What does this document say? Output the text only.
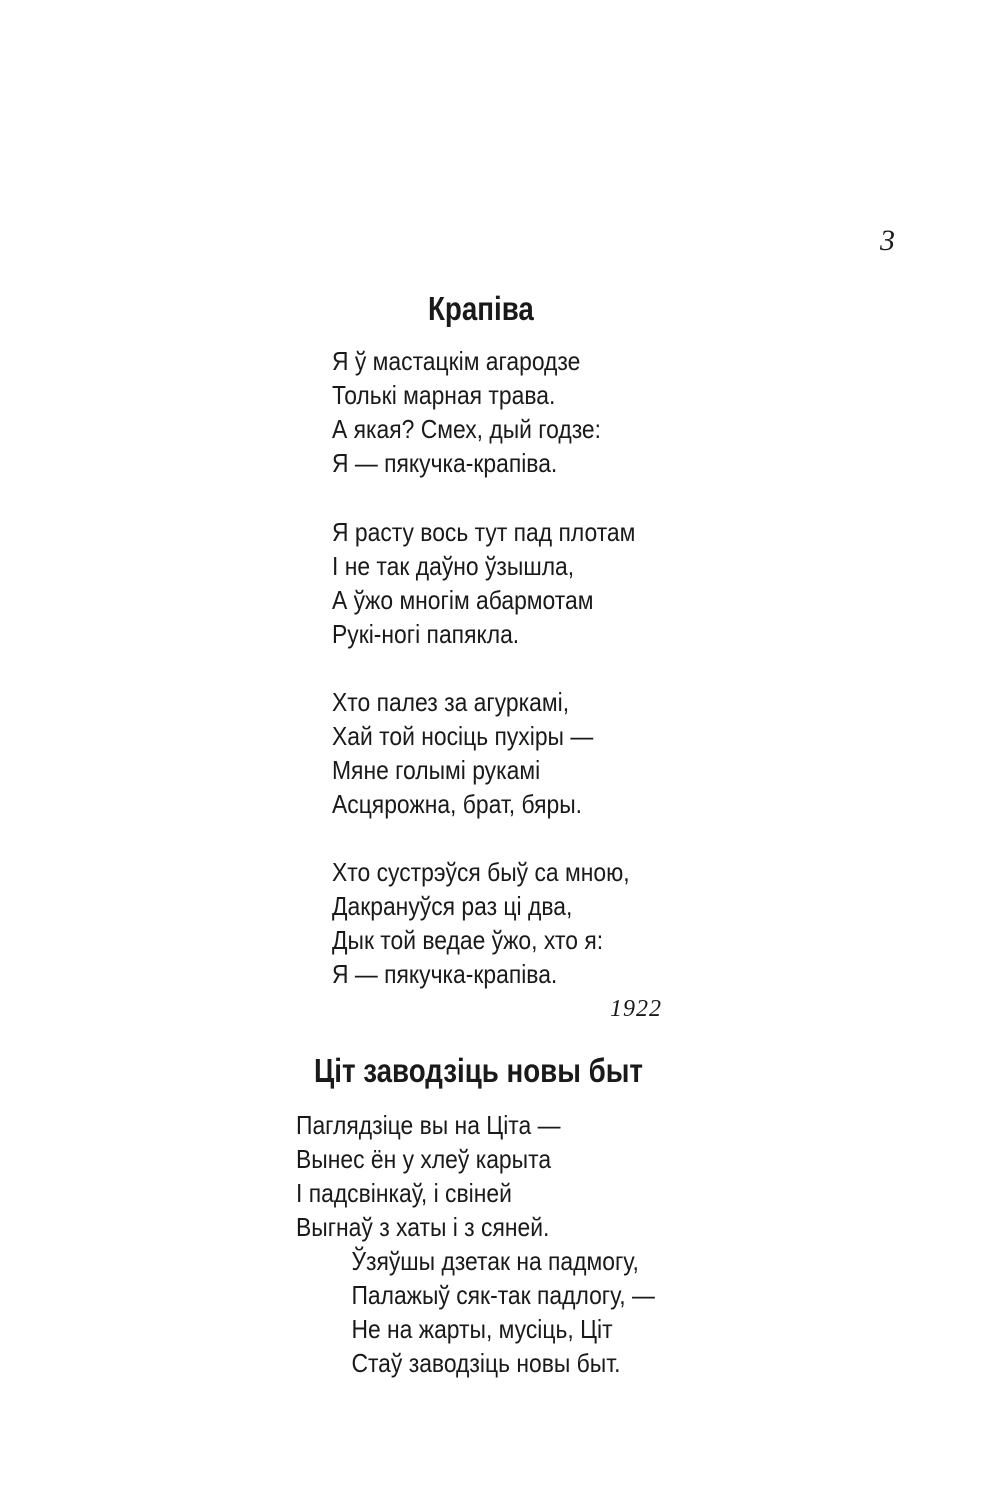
3
Крапіва
Я ў мастацкім агародзе
Толькі марная трава.
А якая? Смех, дый годзе:
Я — пякучка-крапіва.
Я расту вось тут пад плотам
І не так даўно ўзышла,
А ўжо многім абармотам
Рукі-ногі папякла.
Хто палез за агуркамі,
Хай той носіць пухіры —
Мяне голымі рукамі
Асцярожна, брат, бяры.
Хто сустрэўся быў са мною,
Дакрануўся раз ці два,
Дык той ведае ўжо, хто я:
Я — пякучка-крапіва.
1922
Ціт заводзіць новы быт
Паглядзіце вы на Ціта —
Вынес ён у хлеў карыта
І падсвінкаў, і свіней
Выгнаў з хаты і з сяней.
Ўзяўшы дзетак на падмогу,
Палажыў сяк-так падлогу, —
Не на жарты, мусіць, Ціт
Стаў заводзіць новы быт.
